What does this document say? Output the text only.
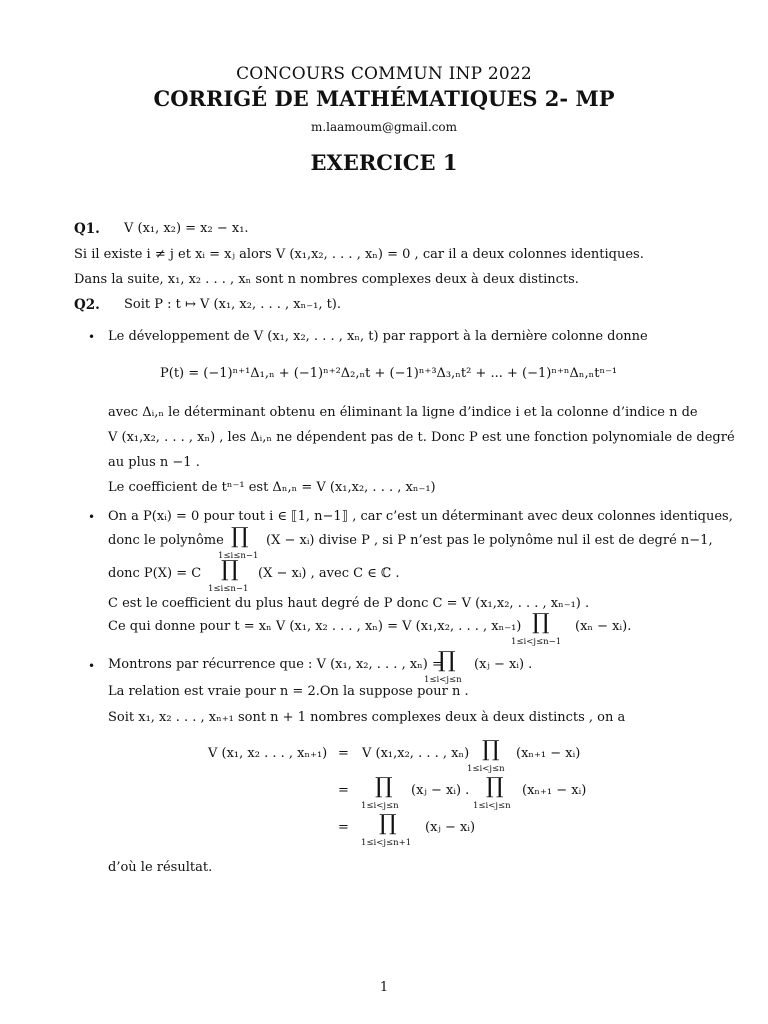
CONCOURS COMMUN INP 2022
CORRIGÉ DE MATHÉMATIQUES 2- MP
m.laamoum@gmail.com
EXERCICE 1
Q1. V (x₁, x₂) = x₂ − x₁.
Si il existe i ≠ j et xᵢ = xⱼ alors V (x₁,x₂, . . . , xₙ) = 0 , car il a deux colonnes identiques.
Dans la suite, x₁, x₂ . . . , xₙ sont n nombres complexes deux à deux distincts.
Q2. Soit P : t ↦ V (x₁, x₂, . . . , xₙ₋₁, t).
• Le développement de V (x₁, x₂, . . . , xₙ, t) par rapport à la dernière colonne donne
P(t) = (−1)ⁿ⁺¹Δ₁,ₙ + (−1)ⁿ⁺²Δ₂,ₙt + (−1)ⁿ⁺³Δ₃,ₙt² + ... + (−1)ⁿ⁺ⁿΔₙ,ₙtⁿ⁻¹
avec Δᵢ,ₙ le déterminant obtenu en éliminant la ligne d’indice i et la colonne d’indice n de
V (x₁,x₂, . . . , xₙ) , les Δᵢ,ₙ ne dépendent pas de t. Donc P est une fonction polynomiale de degré
au plus n −1 .
Le coefficient de tⁿ⁻¹ est Δₙ,ₙ = V (x₁,x₂, . . . , xₙ₋₁)
• On a P(xᵢ) = 0 pour tout i ∈ ⟦1, n−1⟧ , car c’est un déterminant avec deux colonnes identiques,
donc le polynôme ∏
1≤i≤n−1
(X − xᵢ) divise P , si P n’est pas le polynôme nul il est de degré n−1,
donc P(X) = C ∏
1≤i≤n−1
(X − xᵢ) , avec C ∈ ℂ .
C est le coefficient du plus haut degré de P donc C = V (x₁,x₂, . . . , xₙ₋₁) .
Ce qui donne pour t = xₙ V (x₁, x₂ . . . , xₙ) = V (x₁,x₂, . . . , xₙ₋₁) ∏
1≤i<j≤n−1
(xₙ − xᵢ).
• Montrons par récurrence que : V (x₁, x₂, . . . , xₙ) =
∏
1≤i<j≤n
(xⱼ − xᵢ) .
La relation est vraie pour n = 2.On la suppose pour n .
Soit x₁, x₂ . . . , xₙ₊₁ sont n + 1 nombres complexes deux à deux distincts , on a
V (x₁, x₂ . . . , xₙ₊₁) = V (x₁,x₂, . . . , xₙ) ∏
1≤i<j≤n
(xₙ₊₁ − xᵢ)
= ∏
1≤i<j≤n
(xⱼ − xᵢ) . ∏
1≤i<j≤n
(xₙ₊₁ − xᵢ)
= ∏
1≤i<j≤n+1
(xⱼ − xᵢ)
d’où le résultat.
1
